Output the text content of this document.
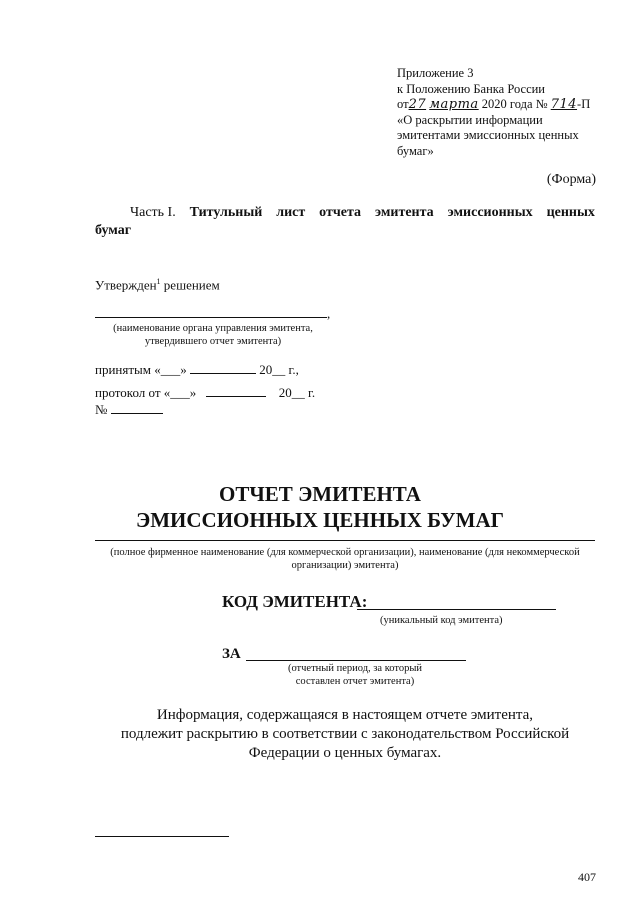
Приложение 3
к Положению Банка России
от27 марта 2020 года № 714-П
«О раскрытии информации
эмитентами эмиссионных ценных
бумаг»
(Форма)
Часть I. Титульный лист отчета эмитента эмиссионных ценных
бумаг
Утвержден$^1$ решением
,
(наименование органа управления эмитента,
утвердившего отчет эмитента)
принятым «___»	20__ г.,
протокол от «___»	20__ г.
№
ОТЧЕТ ЭМИТЕНТА
ЭМИССИОННЫХ ЦЕННЫХ БУМАГ
(полное фирменное наименование (для коммерческой организации), наименование (для некоммерческой организации) эмитента)
КОД ЭМИТЕНТА:
(уникальный код эмитента)
ЗА
(отчетный период, за который
составлен отчет эмитента)
Информация, содержащаяся в настоящем отчете эмитента,
подлежит раскрытию в соответствии с законодательством Российской
Федерации о ценных бумагах.
407
